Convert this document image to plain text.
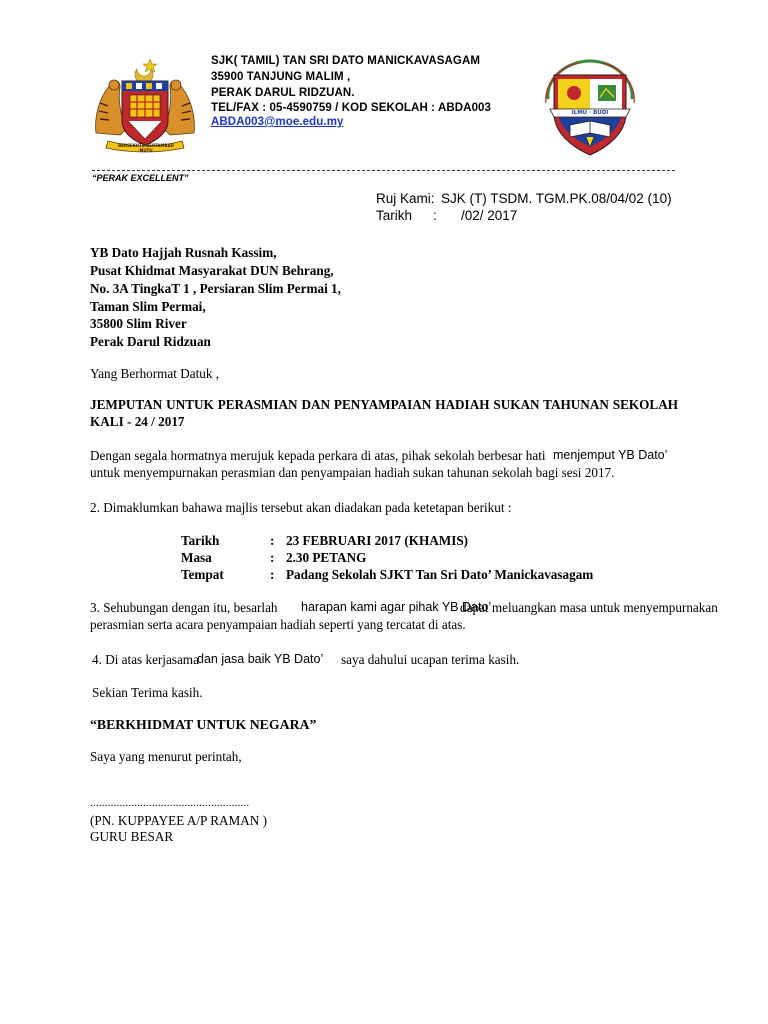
BERSEKUTU BERTAMBAH MUTU
SJK( TAMIL) TAN SRI DATO MANICKAVASAGAM
35900 TANJUNG MALIM ,
PERAK DARUL RIDZUAN.
TEL/FAX : 05-4590759 / KOD SEKOLAH : ABDA003
ABDA003@moe.edu.my
ILMU · BUDI
“PERAK EXCELLENT”
Ruj Kami: SJK (T) TSDM. TGM.PK.08/04/02 (10)
Tarikh : /02/ 2017
YB Dato Hajjah Rusnah Kassim,
Pusat Khidmat Masyarakat DUN Behrang,
No. 3A TingkaT 1 , Persiaran Slim Permai 1,
Taman Slim Permai,
35800 Slim River
Perak Darul Ridzuan
Yang Berhormat Datuk ,
JEMPUTAN UNTUK PERASMIAN DAN PENYAMPAIAN HADIAH SUKAN TAHUNAN SEKOLAH
KALI - 24 / 2017
Dengan segala hormatnya merujuk kepada perkara di atas, pihak sekolah berbesar hati menjemput YB Dato’
untuk menyempurnakan perasmian dan penyampaian hadiah sukan tahunan sekolah bagi sesi 2017.
2. Dimaklumkan bahawa majlis tersebut akan diadakan pada ketetapan berikut :
Tarikh	: 23 FEBRUARI 2017 (KHAMIS)
Masa	: 2.30 PETANG
Tempat	: Padang Sekolah SJKT Tan Sri Dato’ Manickavasagam
3. Sehubungan dengan itu, besarlah harapan kami agar pihak YB Dato’
dapat meluangkan masa untuk menyempurnakan
perasmian serta acara penyampaian hadiah seperti yang tercatat di atas.
4. Di atas kerjasama
dan jasa baik YB Dato’ saya dahului ucapan terima kasih.
Sekian Terima kasih.
“BERKHIDMAT UNTUK NEGARA”
Saya yang menurut perintah,
......................................................
(PN. KUPPAYEE A/P RAMAN )
GURU BESAR
